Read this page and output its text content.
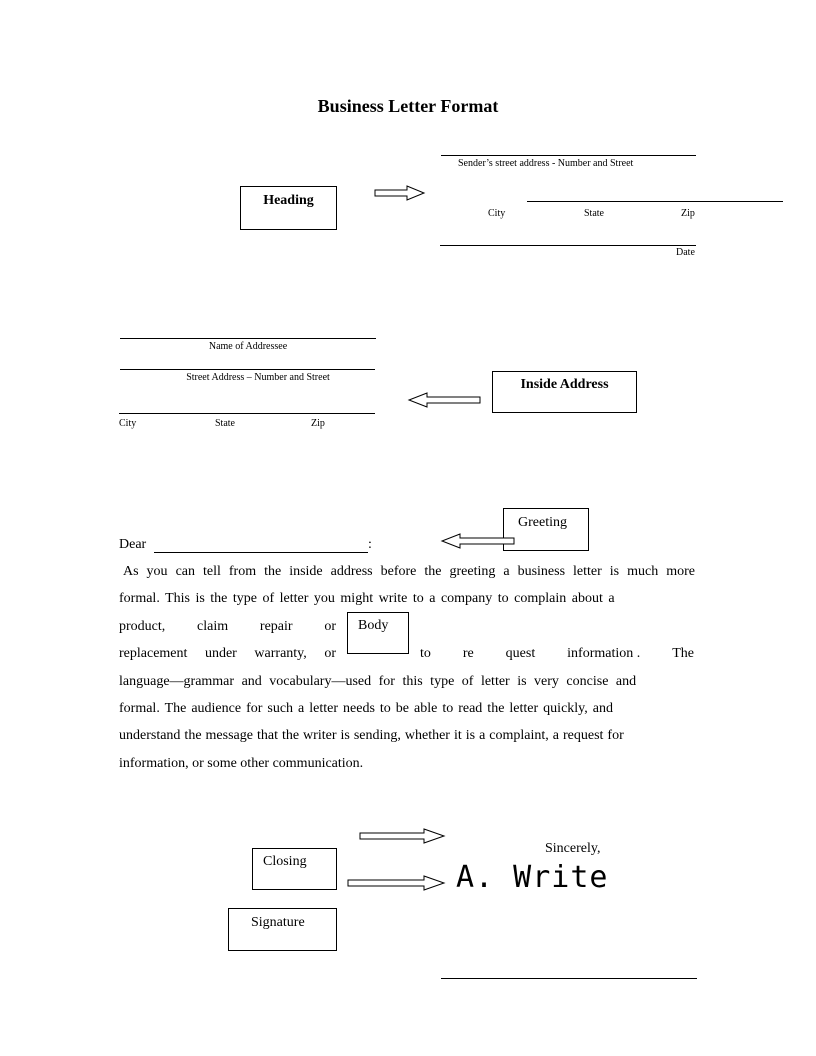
Business Letter Format
Sender’s street address - Number and Street
Heading
City	State	Zip
Date
Name of Addressee
Street Address – Number and Street
City	State	Zip
Inside Address
Greeting
Dear	:
As you can tell from the inside address before the greeting a business letter is much more
formal. This is the type of letter you might write to a company to complain about a
product, claim repair or Body
replacement under warranty, or	to re quest information . The
language—grammar and vocabulary—used for this type of letter is very concise and
formal. The audience for such a letter needs to be able to read the letter quickly, and
understand the message that the writer is sending, whether it is a complaint, a request for
information, or some other communication.
Sincerely,
Closing	A. Write
Signature
